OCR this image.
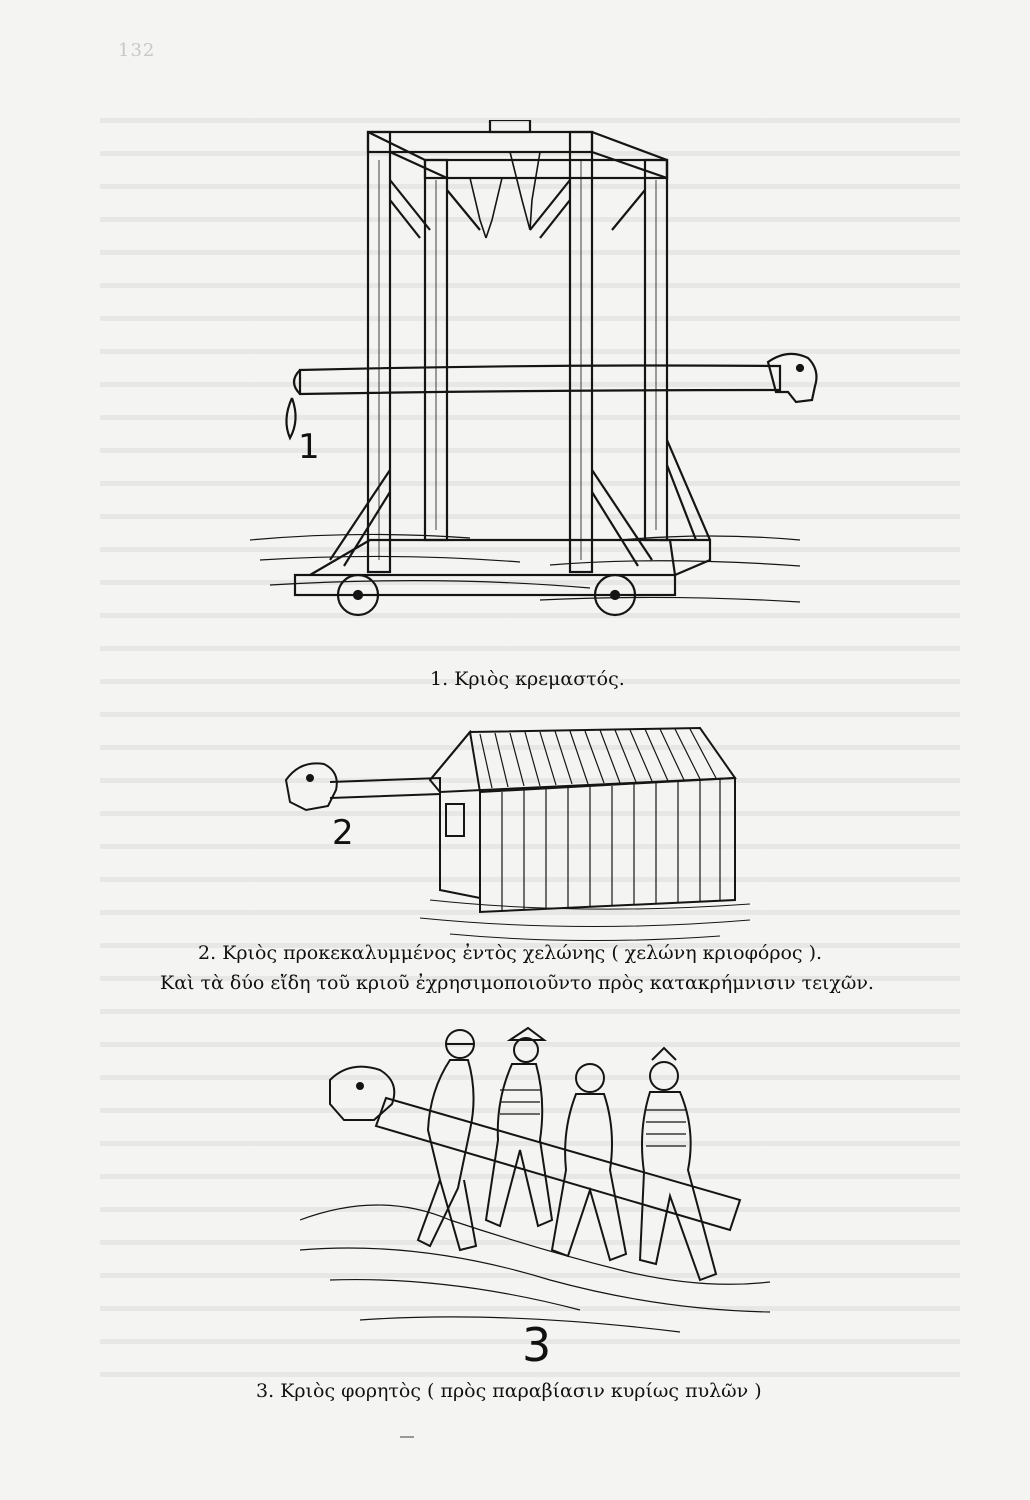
132
1
1. Κριὸς κρεμαστός.
2
2. Κριὸς προκεκαλυμμένος ἐντὸς χελώνης ( χελώνη κριοφόρος ).
Καὶ τὰ δύο εἴδη τοῦ κριοῦ ἐχρησιμοποιοῦντο πρὸς κατακρήμνισιν τειχῶν.
3
3. Κριὸς φορητὸς ( πρὸς παραβίασιν κυρίως πυλῶν )
